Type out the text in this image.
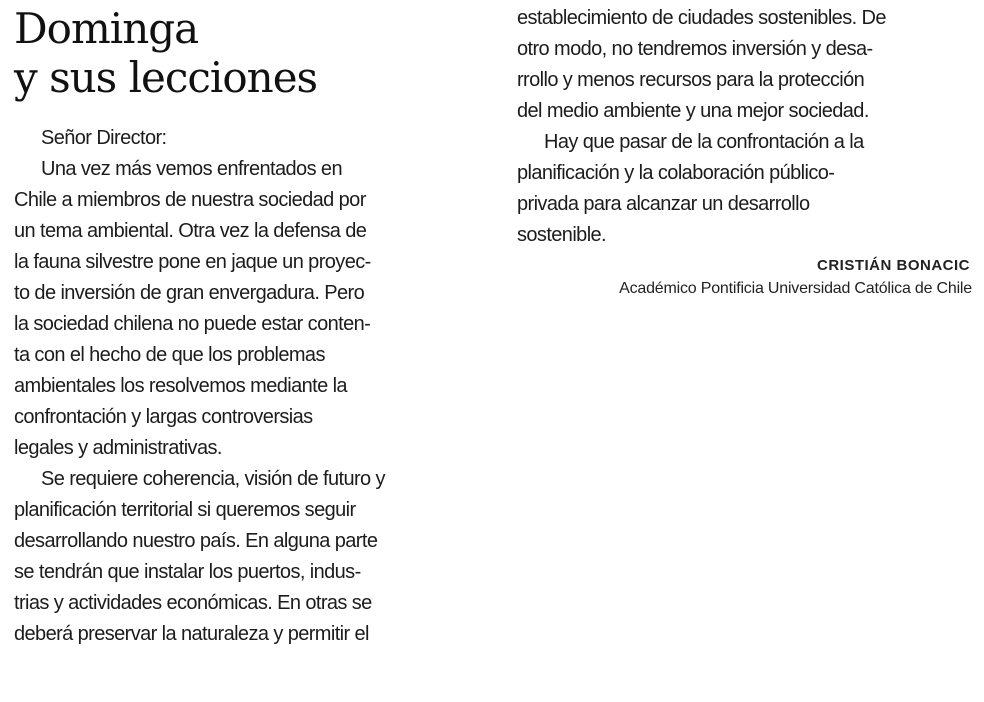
Dominga
y sus lecciones
Señor Director:
Una vez más vemos enfrentados en
Chile a miembros de nuestra sociedad por
un tema ambiental. Otra vez la defensa de
la fauna silvestre pone en jaque un proyec-
to de inversión de gran envergadura. Pero
la sociedad chilena no puede estar conten-
ta con el hecho de que los problemas
ambientales los resolvemos mediante la
confrontación y largas controversias
legales y administrativas.
Se requiere coherencia, visión de futuro y
planificación territorial si queremos seguir
desarrollando nuestro país. En alguna parte
se tendrán que instalar los puertos, indus-
trias y actividades económicas. En otras se
deberá preservar la naturaleza y permitir el
establecimiento de ciudades sostenibles. De
otro modo, no tendremos inversión y desa-
rrollo y menos recursos para la protección
del medio ambiente y una mejor sociedad.
Hay que pasar de la confrontación a la
planificación y la colaboración público-
privada para alcanzar un desarrollo
sostenible.
CRISTIÁN BONACIC
Académico Pontificia Universidad Católica de Chile
